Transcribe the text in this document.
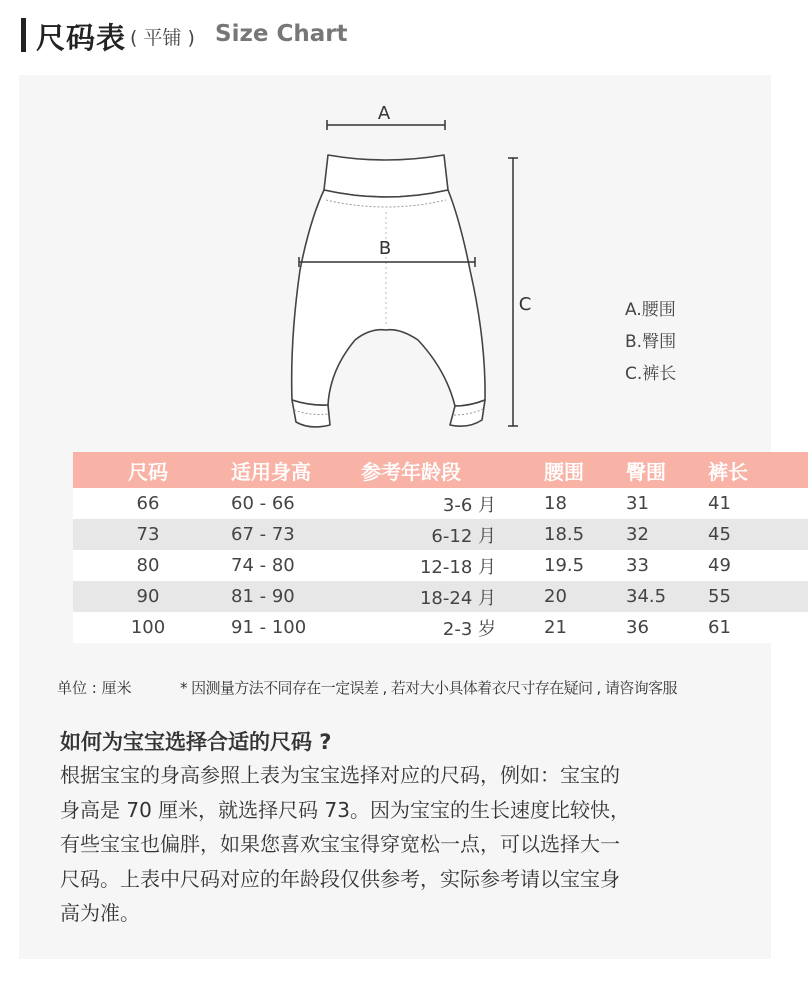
尺码表 ( 平铺 ) Size Chart
A
B
C	A.腰围
B.臀围
C.裤长
尺码	适用身高	参考年龄段	腰围	臀围	裤长
66	60 - 66	3-6 月	18	31	41
73	67 - 73	6-12 月	18.5	32	45
80	74 - 80	12-18 月	19.5	33	49
90	81 - 90	18-24 月	20	34.5	55
100	91 - 100	2-3 岁	21	36	61
单位 : 厘米	* 因测量方法不同存在一定误差 , 若对大小具体着衣尺寸存在疑问 , 请咨询客服
如何为宝宝选择合适的尺码 ?
根据宝宝的身高参照上表为宝宝选择对应的尺码，例如：宝宝的
身高是 70 厘米，就选择尺码 73。因为宝宝的生长速度比较快，
有些宝宝也偏胖，如果您喜欢宝宝得穿宽松一点，可以选择大一
尺码。上表中尺码对应的年龄段仅供参考，实际参考请以宝宝身
高为准。
